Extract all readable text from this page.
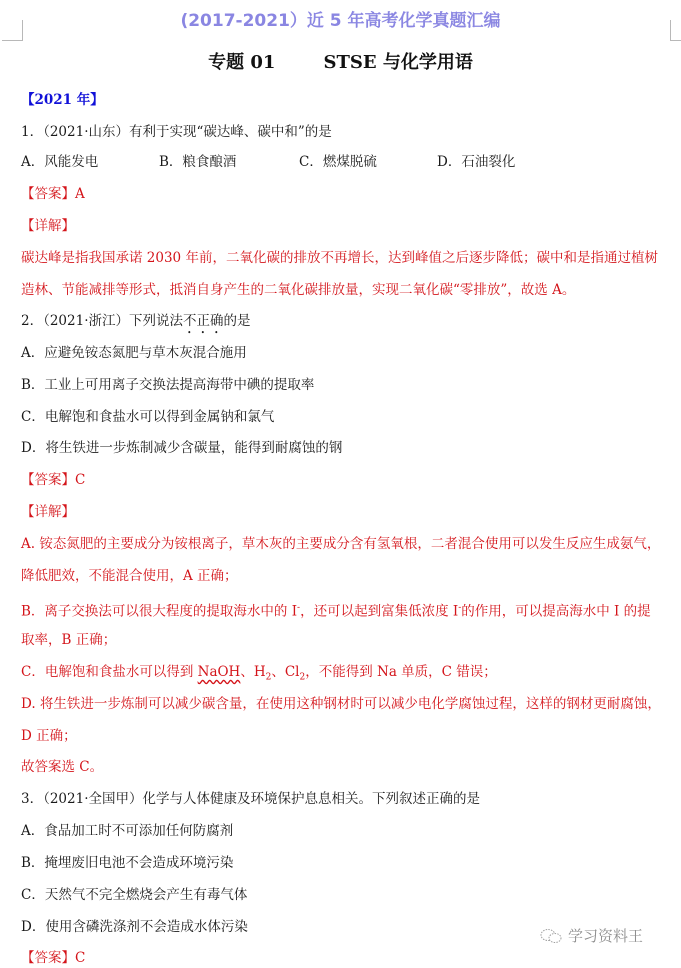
(2017-2021）近 5 年高考化学真题汇编
专题 01	STSE 与化学用语
【2021 年】
1．（2021·山东）有利于实现“碳达峰、碳中和”的是
A．风能发电	B．粮食酿酒	C．燃煤脱硫	D．石油裂化
【答案】A
【详解】
碳达峰是指我国承诺 2030 年前，二氧化碳的排放不再增长，达到峰值之后逐步降低；碳中和是指通过植树
造林、节能减排等形式，抵消自身产生的二氧化碳排放量，实现二氧化碳“零排放”，故选 A。
2．（2021·浙江）下列说法不正确的是
A．应避免铵态氮肥与草木灰混合施用
B．工业上可用离子交换法提高海带中碘的提取率
C．电解饱和食盐水可以得到金属钠和氯气
D．将生铁进一步炼制减少含碳量，能得到耐腐蚀的钢
【答案】C
【详解】
A. 铵态氮肥的主要成分为铵根离子，草木灰的主要成分含有氢氧根，二者混合使用可以发生反应生成氨气，
降低肥效，不能混合使用，A 正确；
B．离子交换法可以很大程度的提取海水中的 I-，还可以起到富集低浓度 I-的作用，可以提高海水中 I 的提
取率，B 正确；
C．电解饱和食盐水可以得到 NaOH、$H_2$、$Cl_2$，不能得到 Na 单质，C 错误；
D. 将生铁进一步炼制可以减少碳含量，在使用这种钢材时可以减少电化学腐蚀过程，这样的钢材更耐腐蚀，
D 正确；
故答案选 C。
3．（2021·全国甲）化学与人体健康及环境保护息息相关。下列叙述正确的是
A．食品加工时不可添加任何防腐剂
B．掩埋废旧电池不会造成环境污染
C．天然气不完全燃烧会产生有毒气体
D．使用含磷洗涤剂不会造成水体污染
【答案】C
学习资料王
